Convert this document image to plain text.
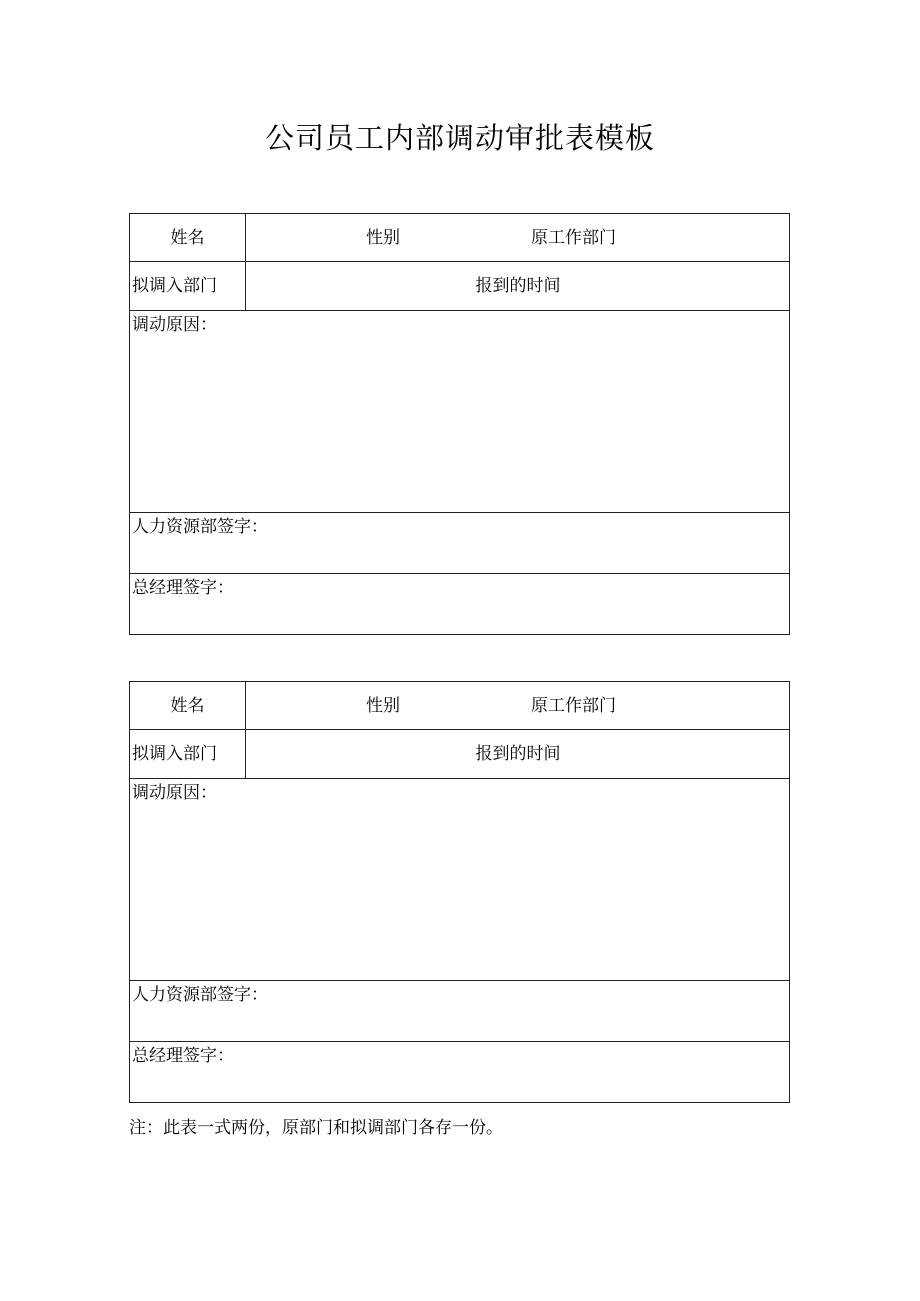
公司员工内部调动审批表模板
姓名	性别	原工作部门
拟调入部门	报到的时间
调动原因：
人力资源部签字：
总经理签字：
姓名	性别	原工作部门
拟调入部门	报到的时间
调动原因：
人力资源部签字：
总经理签字：
注：此表一式两份，原部门和拟调部门各存一份。
